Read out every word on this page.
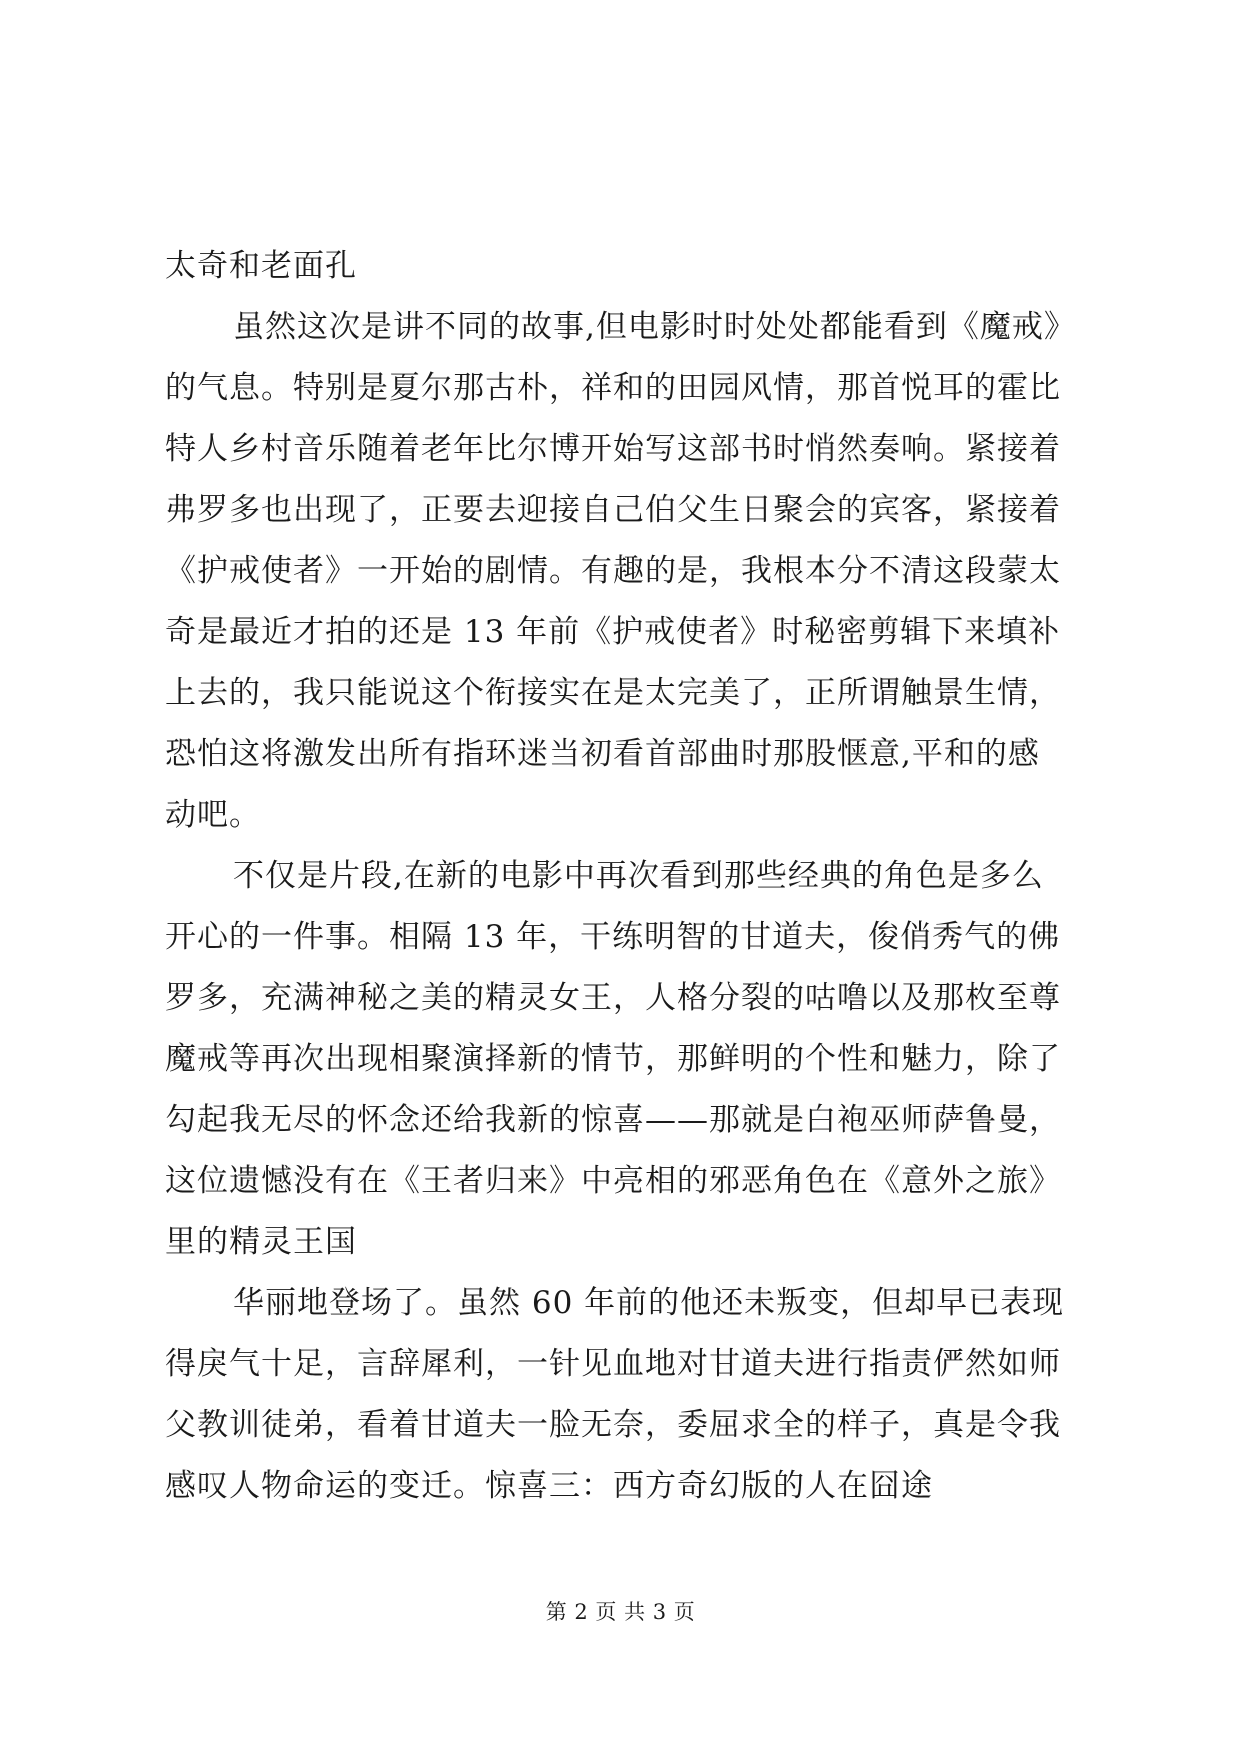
太奇和老面孔
虽然这次是讲不同的故事,但电影时时处处都能看到《魔戒》
的气息。特别是夏尔那古朴，祥和的田园风情，那首悦耳的霍比
特人乡村音乐随着老年比尔博开始写这部书时悄然奏响。紧接着
弗罗多也出现了，正要去迎接自己伯父生日聚会的宾客，紧接着
《护戒使者》一开始的剧情。有趣的是，我根本分不清这段蒙太
奇是最近才拍的还是 13 年前《护戒使者》时秘密剪辑下来填补
上去的，我只能说这个衔接实在是太完美了，正所谓触景生情，
恐怕这将激发出所有指环迷当初看首部曲时那股惬意,平和的感
动吧。
不仅是片段,在新的电影中再次看到那些经典的角色是多么
开心的一件事。相隔 13 年，干练明智的甘道夫，俊俏秀气的佛
罗多，充满神秘之美的精灵女王，人格分裂的咕噜以及那枚至尊
魔戒等再次出现相聚演择新的情节，那鲜明的个性和魅力，除了
勾起我无尽的怀念还给我新的惊喜——那就是白袍巫师萨鲁曼，
这位遗憾没有在《王者归来》中亮相的邪恶角色在《意外之旅》
里的精灵王国
华丽地登场了。虽然 60 年前的他还未叛变，但却早已表现
得戾气十足，言辞犀利，一针见血地对甘道夫进行指责俨然如师
父教训徒弟，看着甘道夫一脸无奈，委屈求全的样子，真是令我
感叹人物命运的变迁。惊喜三：西方奇幻版的人在囧途
第 2 页 共 3 页
